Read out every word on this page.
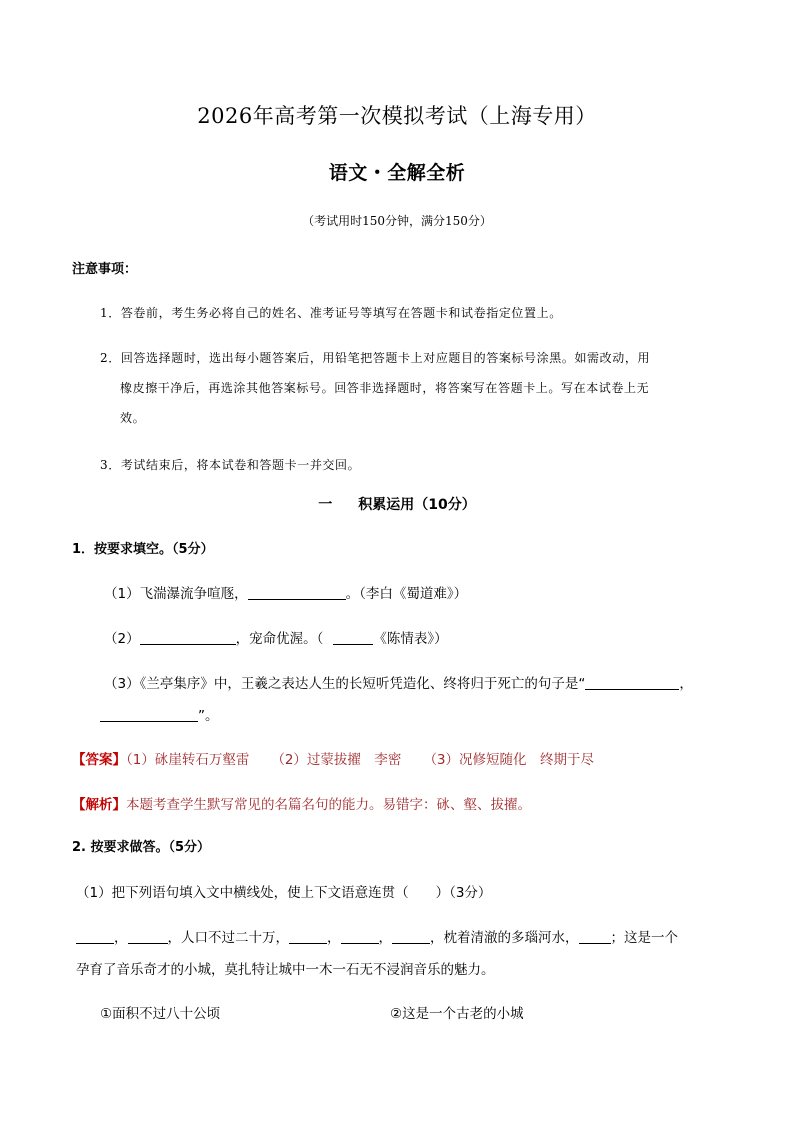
2026年高考第一次模拟考试（上海专用）
语文・全解全析
（考试用时150分钟，满分150分）
注意事项：
1．答卷前，考生务必将自己的姓名、准考证号等填写在答题卡和试卷指定位置上。
2．回答选择题时，选出每小题答案后，用铅笔把答题卡上对应题目的答案标号涂黑。如需改动，用
橡皮擦干净后，再选涂其他答案标号。回答非选择题时，将答案写在答题卡上。写在本试卷上无
效。
3．考试结束后，将本试卷和答题卡一并交回。
一 积累运用（10分）
1．按要求填空。（5分）
（1）飞湍瀑流争喧豗，	。（李白《蜀道难》）
（2）	，宠命优渥。（	《陈情表》）
（3）《兰亭集序》中，王羲之表达人生的长短听凭造化、终将归于死亡的句子是“	，
”。
【答案】（1）砯崖转石万壑雷 （2）过蒙拔擢　李密 （3）况修短随化　终期于尽
【解析】本题考查学生默写常见的名篇名句的能力。易错字：砯、壑、拔擢。
2. 按要求做答。（5分）
（1）把下列语句填入文中横线处，使上下文语意连贯（　　）（3分）
，	，人口不过二十万，	，	，	，枕着清澈的多瑙河水， ；这是一个
孕育了音乐奇才的小城，莫扎特让城中一木一石无不浸润音乐的魅力。
①面积不过八十公顷	②这是一个古老的小城
